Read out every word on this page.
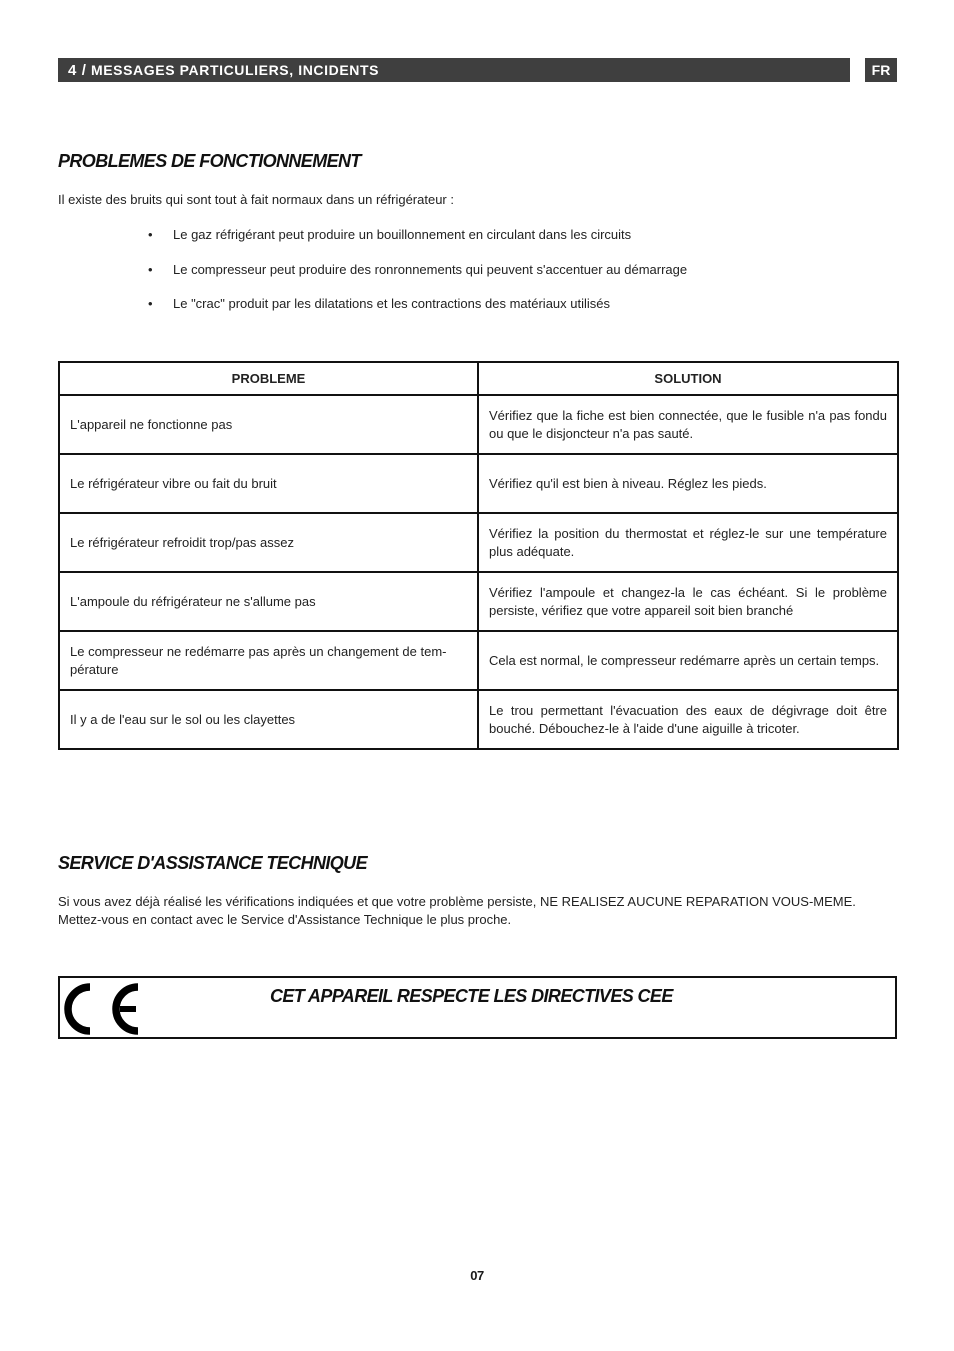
4 / MESSAGES PARTICULIERS, INCIDENTS	FR
PROBLEMES DE FONCTIONNEMENT
Il existe des bruits qui sont tout à fait normaux dans un réfrigérateur :
• Le gaz réfrigérant peut produire un bouillonnement en circulant dans les circuits
• Le compresseur peut produire des ronronnements qui peuvent s'accentuer au démarrage
• Le "crac" produit par les dilatations et les contractions des matériaux utilisés
PROBLEME	SOLUTION
L'appareil ne fonctionne pas	Vérifiez que la fiche est bien connectée, que le fusible n'a pas fondu ou que le disjoncteur n'a pas sauté.
Le réfrigérateur vibre ou fait du bruit	Vérifiez qu'il est bien à niveau. Réglez les pieds.
Le réfrigérateur refroidit trop/pas assez	Vérifiez la position du thermostat et réglez-le sur une température plus adéquate.
L'ampoule du réfrigérateur ne s'allume pas	Vérifiez l'ampoule et changez-la le cas échéant. Si le problème persiste, vérifiez que votre appareil soit bien branché
Le compresseur ne redémarre pas après un changement de tem-pérature	Cela est normal, le compresseur redémarre après un certain temps.
Il y a de l'eau sur le sol ou les clayettes	Le trou permettant l'évacuation des eaux de dégivrage doit être bouché. Débouchez-le à l'aide d'une aiguille à tricoter.
SERVICE D'ASSISTANCE TECHNIQUE
Si vous avez déjà réalisé les vérifications indiquées et que votre problème persiste, NE REALISEZ AUCUNE REPARATION VOUS-MEME. Mettez-vous en contact avec le Service d'Assistance Technique le plus proche.
CET APPAREIL RESPECTE LES DIRECTIVES CEE
07
